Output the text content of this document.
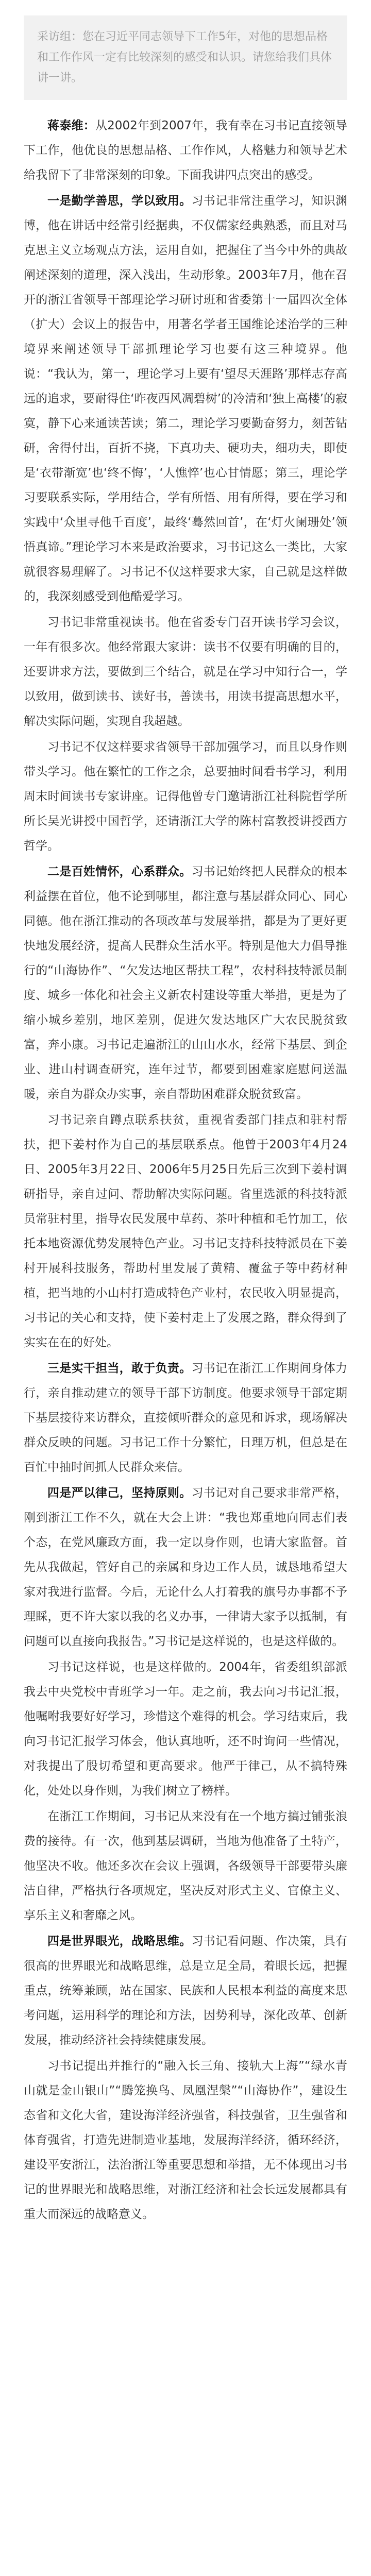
采访组：您在习近平同志领导下工作5年，对他的思想品格和工作作风一定有比较深刻的感受和认识。请您给我们具体讲一讲。

蒋泰维：从2002年到2007年，我有幸在习书记直接领导下工作，他优良的思想品格、工作作风，人格魅力和领导艺术给我留下了非常深刻的印象。下面我讲四点突出的感受。

一是勤学善思，学以致用。习书记非常注重学习，知识渊博，他在讲话中经常引经据典，不仅儒家经典熟悉，而且对马克思主义立场观点方法，运用自如，把握住了当今中外的典故阐述深刻的道理，深入浅出，生动形象。2003年7月，他在召开的浙江省领导干部理论学习研讨班和省委第十一届四次全体（扩大）会议上的报告中，用著名学者王国维论述治学的三种境界来阐述领导干部抓理论学习也要有这三种境界。他说：“我认为，第一，理论学习上要有‘望尽天涯路’那样志存高远的追求，要耐得住‘昨夜西风凋碧树’的冷清和‘独上高楼’的寂寞，静下心来通读苦读；第二，理论学习要勤奋努力，刻苦钻研，舍得付出，百折不挠，下真功夫、硬功夫，细功夫，即使是‘衣带渐宽’也‘终不悔’，‘人憔悴’也心甘情愿；第三，理论学习要联系实际，学用结合，学有所悟、用有所得，要在学习和实践中‘众里寻他千百度’，最终‘蓦然回首’，在‘灯火阑珊处’领悟真谛。”理论学习本来是政治要求，习书记这么一类比，大家就很容易理解了。习书记不仅这样要求大家，自己就是这样做的，我深刻感受到他酷爱学习。

习书记非常重视读书。他在省委专门召开读书学习会议，一年有很多次。他经常跟大家讲：读书不仅要有明确的目的，还要讲求方法，要做到三个结合，就是在学习中知行合一，学以致用，做到读书、读好书，善读书，用读书提高思想水平，解决实际问题，实现自我超越。

习书记不仅这样要求省领导干部加强学习，而且以身作则带头学习。他在繁忙的工作之余，总要抽时间看书学习，利用周末时间读书专家讲座。记得他曾专门邀请浙江社科院哲学所所长吴光讲授中国哲学，还请浙江大学的陈村富教授讲授西方哲学。

二是百姓情怀，心系群众。习书记始终把人民群众的根本利益摆在首位，他不论到哪里，都注意与基层群众同心、同心同德。他在浙江推动的各项改革与发展举措，都是为了更好更快地发展经济，提高人民群众生活水平。特别是他大力倡导推行的“山海协作”、“欠发达地区帮扶工程”，农村科技特派员制度、城乡一体化和社会主义新农村建设等重大举措，更是为了缩小城乡差别，地区差别，促进欠发达地区广大农民脱贫致富，奔小康。习书记走遍浙江的山山水水，经常下基层、到企业、进山村调查研究，连年过节，都要到困难家庭慰问送温暖，亲自为群众办实事，亲自帮助困难群众脱贫致富。

习书记亲自蹲点联系扶贫，重视省委部门挂点和驻村帮扶，把下姜村作为自己的基层联系点。他曾于2003年4月24日、2005年3月22日、2006年5月25日先后三次到下姜村调研指导，亲自过问、帮助解决实际问题。省里选派的科技特派员常驻村里，指导农民发展中草药、茶叶种植和毛竹加工，依托本地资源优势发展特色产业。习书记支持科技特派员在下姜村开展科技服务，帮助村里发展了黄精、覆盆子等中药材种植，把当地的小山村打造成特色产业村，农民收入明显提高，习书记的关心和支持，使下姜村走上了发展之路，群众得到了实实在在的好处。

三是实干担当，敢于负责。习书记在浙江工作期间身体力行，亲自推动建立的领导干部下访制度。他要求领导干部定期下基层接待来访群众，直接倾听群众的意见和诉求，现场解决群众反映的问题。习书记工作十分繁忙，日理万机，但总是在百忙中抽时间抓人民群众来信。

四是严以律己，坚持原则。习书记对自己要求非常严格，刚到浙江工作不久，就在大会上讲：“我也郑重地向同志们表个态，在党风廉政方面，我一定以身作则，也请大家监督。首先从我做起，管好自己的亲属和身边工作人员，诚恳地希望大家对我进行监督。今后，无论什么人打着我的旗号办事都不予理睬，更不许大家以我的名义办事，一律请大家予以抵制，有问题可以直接向我报告。”习书记是这样说的，也是这样做的。

习书记这样说，也是这样做的。2004年，省委组织部派我去中央党校中青班学习一年。走之前，我去向习书记汇报，他嘱咐我要好好学习，珍惜这个难得的机会。学习结束后，我向习书记汇报学习体会，他认真地听，还不时询问一些情况，对我提出了殷切希望和更高要求。他严于律己，从不搞特殊化，处处以身作则，为我们树立了榜样。

在浙江工作期间，习书记从来没有在一个地方搞过铺张浪费的接待。有一次，他到基层调研，当地为他准备了土特产，他坚决不收。他还多次在会议上强调，各级领导干部要带头廉洁自律，严格执行各项规定，坚决反对形式主义、官僚主义、享乐主义和奢靡之风。

四是世界眼光，战略思维。习书记看问题、作决策，具有很高的世界眼光和战略思维，总是立足全局，着眼长远，把握重点，统筹兼顾，站在国家、民族和人民根本利益的高度来思考问题，运用科学的理论和方法，因势利导，深化改革、创新发展，推动经济社会持续健康发展。

习书记提出并推行的“融入长三角、接轨大上海”“绿水青山就是金山银山”“腾笼换鸟、凤凰涅槃”“山海协作”，建设生态省和文化大省，建设海洋经济强省，科技强省，卫生强省和体育强省，打造先进制造业基地，发展海洋经济，循环经济，建设平安浙江，法治浙江等重要思想和举措，无不体现出习书记的世界眼光和战略思维，对浙江经济和社会长远发展都具有重大而深远的战略意义。
